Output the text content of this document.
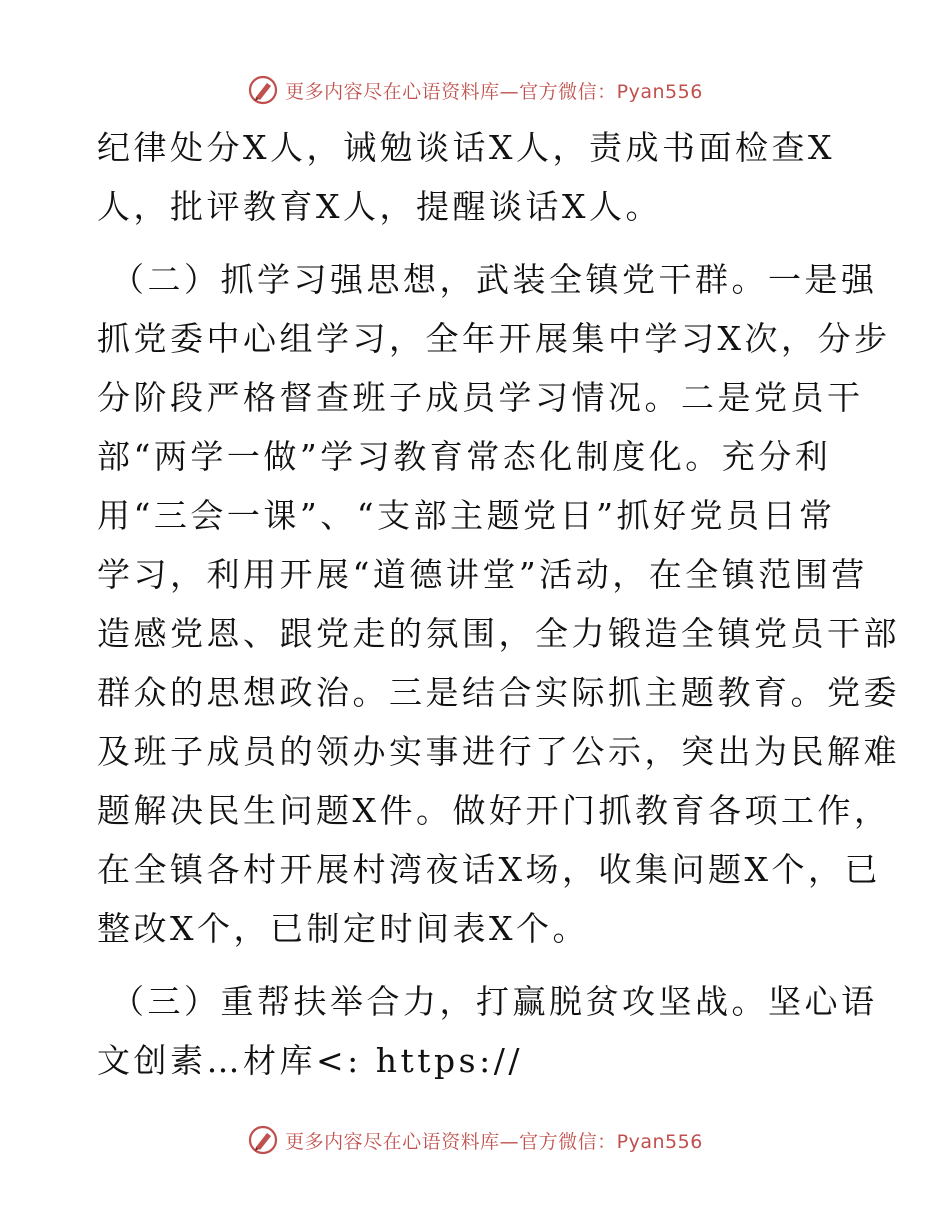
更多内容尽在心语资料库—官方微信：Pyan556
纪律处分X人，诫勉谈话X人，责成书面检查X
人，批评教育X人，提醒谈话X人。
（二）抓学习强思想，武装全镇党干群。一是强
抓党委中心组学习，全年开展集中学习X次，分步
分阶段严格督查班子成员学习情况。二是党员干
部“两学一做”学习教育常态化制度化。充分利
用“三会一课”、“支部主题党日”抓好党员日常
学习，利用开展“道德讲堂”活动，在全镇范围营
造感党恩、跟党走的氛围，全力锻造全镇党员干部
群众的思想政治。三是结合实际抓主题教育。党委
及班子成员的领办实事进行了公示，突出为民解难
题解决民生问题X件。做好开门抓教育各项工作，
在全镇各村开展村湾夜话X场，收集问题X个，已
整改X个，已制定时间表X个。
（三）重帮扶举合力，打赢脱贫攻坚战。坚心语
文创素…材库<: https://
更多内容尽在心语资料库—官方微信：Pyan556
